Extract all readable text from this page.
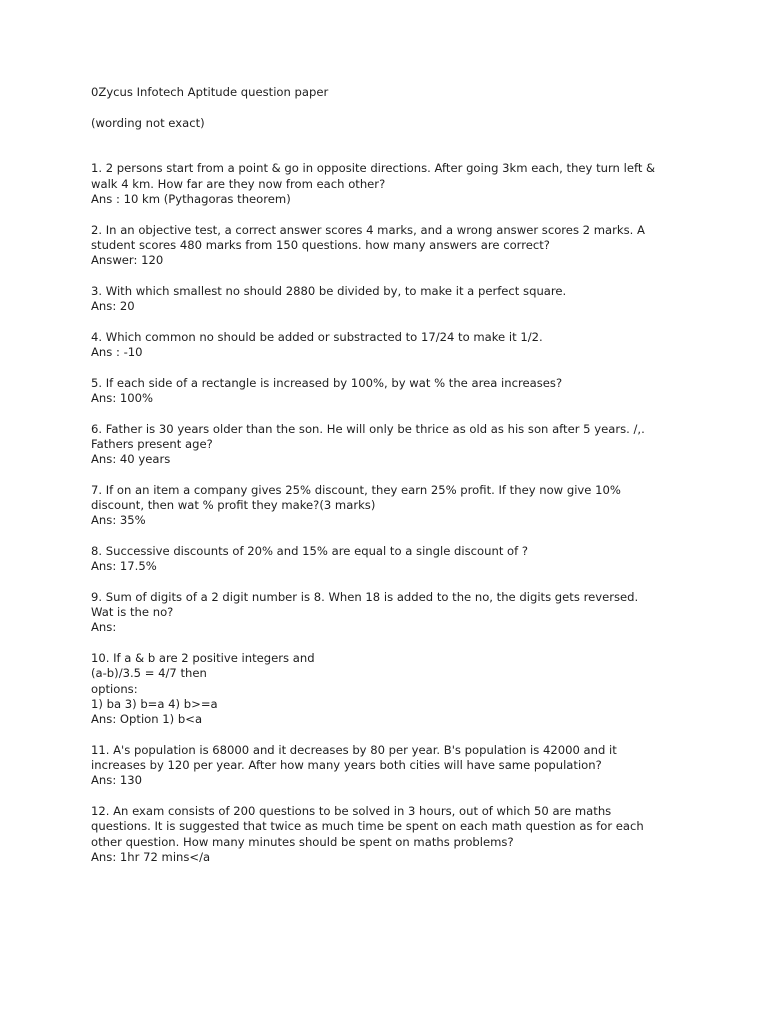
0Zycus Infotech Aptitude question paper
(wording not exact)
1. 2 persons start from a point & go in opposite directions. After going 3km each, they turn left &
walk 4 km. How far are they now from each other?
Ans : 10 km (Pythagoras theorem)
2. In an objective test, a correct answer scores 4 marks, and a wrong answer scores 2 marks. A
student scores 480 marks from 150 questions. how many answers are correct?
Answer: 120
3. With which smallest no should 2880 be divided by, to make it a perfect square.
Ans: 20
4. Which common no should be added or substracted to 17/24 to make it 1/2.
Ans : -10
5. If each side of a rectangle is increased by 100%, by wat % the area increases?
Ans: 100%
6. Father is 30 years older than the son. He will only be thrice as old as his son after 5 years. /,.
Fathers present age?
Ans: 40 years
7. If on an item a company gives 25% discount, they earn 25% profit. If they now give 10%
discount, then wat % profit they make?(3 marks)
Ans: 35%
8. Successive discounts of 20% and 15% are equal to a single discount of ?
Ans: 17.5%
9. Sum of digits of a 2 digit number is 8. When 18 is added to the no, the digits gets reversed.
Wat is the no?
Ans:
10. If a & b are 2 positive integers and
(a-b)/3.5 = 4/7 then
options:
1) ba 3) b=a 4) b>=a
Ans: Option 1) b<a
11. A's population is 68000 and it decreases by 80 per year. B's population is 42000 and it
increases by 120 per year. After how many years both cities will have same population?
Ans: 130
12. An exam consists of 200 questions to be solved in 3 hours, out of which 50 are maths
questions. It is suggested that twice as much time be spent on each math question as for each
other question. How many minutes should be spent on maths problems?
Ans: 1hr 72 mins</a
